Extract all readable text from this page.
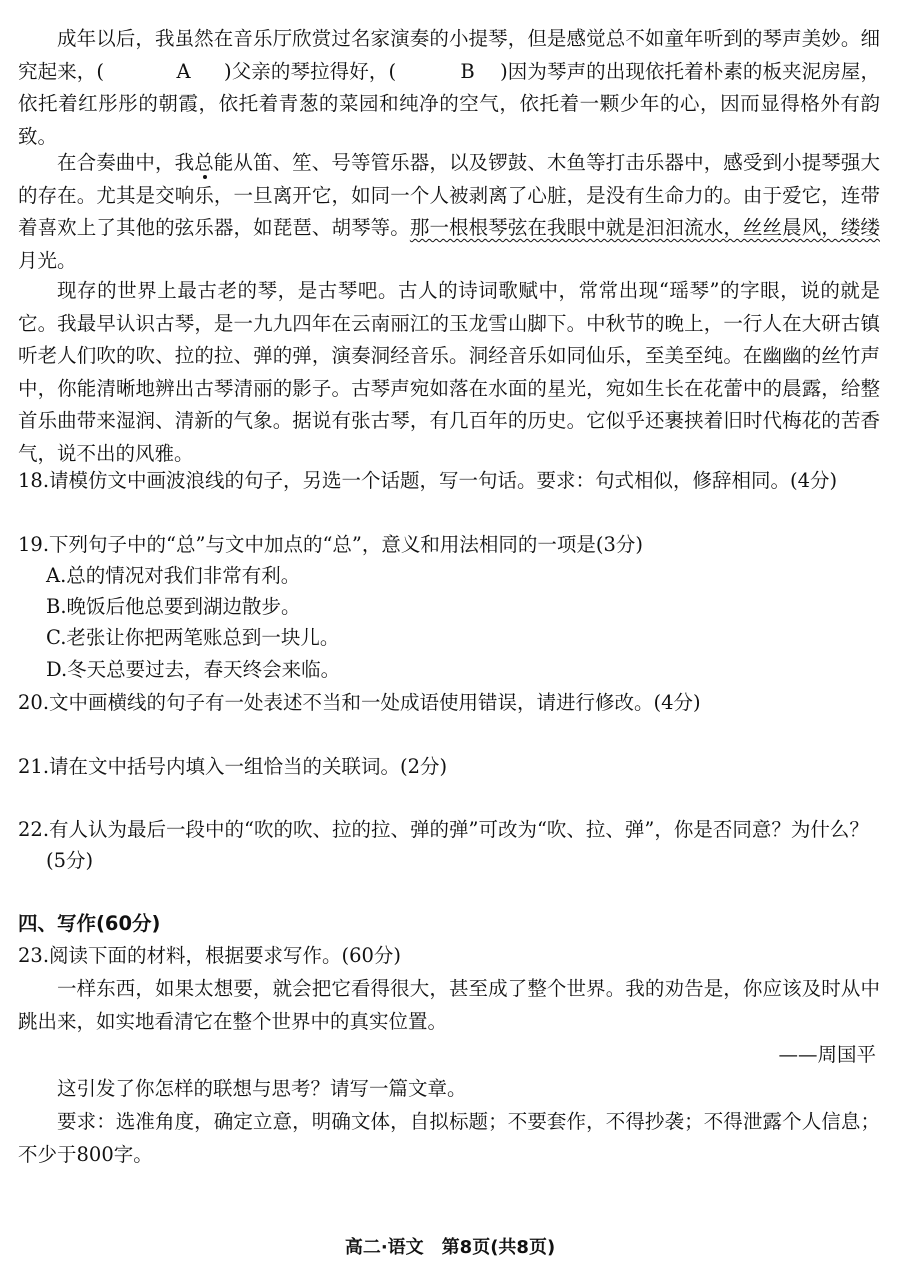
成年以后，我虽然在音乐厅欣赏过名家演奏的小提琴，但是感觉总不如童年听到的琴声美妙。细究起来，(	A )父亲的琴拉得好，(	B )因为琴声的出现依托着朴素的板夹泥房屋，依托着红彤彤的朝霞，依托着青葱的菜园和纯净的空气，依托着一颗少年的心，因而显得格外有韵致。

在合奏曲中，我总能从笛、笙、号等管乐器，以及锣鼓、木鱼等打击乐器中，感受到小提琴强大的存在。尤其是交响乐，一旦离开它，如同一个人被剥离了心脏，是没有生命力的。由于爱它，连带着喜欢上了其他的弦乐器，如琵琶、胡琴等。那一根根琴弦在我眼中就是汩汩流水，丝丝晨风，缕缕月光。

现存的世界上最古老的琴，是古琴吧。古人的诗词歌赋中，常常出现“瑶琴”的字眼，说的就是它。我最早认识古琴，是一九九四年在云南丽江的玉龙雪山脚下。中秋节的晚上，一行人在大研古镇听老人们吹的吹、拉的拉、弹的弹，演奏洞经音乐。洞经音乐如同仙乐，至美至纯。在幽幽的丝竹声中，你能清晰地辨出古琴清丽的影子。古琴声宛如落在水面的星光，宛如生长在花蕾中的晨露，给整首乐曲带来湿润、清新的气象。据说有张古琴，有几百年的历史。它似乎还裹挟着旧时代梅花的苦香气，说不出的风雅。

18.请模仿文中画波浪线的句子，另选一个话题，写一句话。要求：句式相似，修辞相同。(4分)

19.下列句子中的“总”与文中加点的“总”，意义和用法相同的一项是(3分)

A.总的情况对我们非常有利。

B.晚饭后他总要到湖边散步。

C.老张让你把两笔账总到一块儿。

D.冬天总要过去，春天终会来临。

20.文中画横线的句子有一处表述不当和一处成语使用错误，请进行修改。(4分)

21.请在文中括号内填入一组恰当的关联词。(2分)

22.有人认为最后一段中的“吹的吹、拉的拉、弹的弹”可改为“吹、拉、弹”，你是否同意？为什么？

(5分)

四、写作(60分)

23.阅读下面的材料，根据要求写作。(60分)

一样东西，如果太想要，就会把它看得很大，甚至成了整个世界。我的劝告是，你应该及时从中跳出来，如实地看清它在整个世界中的真实位置。

——周国平

这引发了你怎样的联想与思考？请写一篇文章。

要求：选准角度，确定立意，明确文体，自拟标题；不要套作，不得抄袭；不得泄露个人信息；不少于800字。

高二·语文　第8页(共8页)
